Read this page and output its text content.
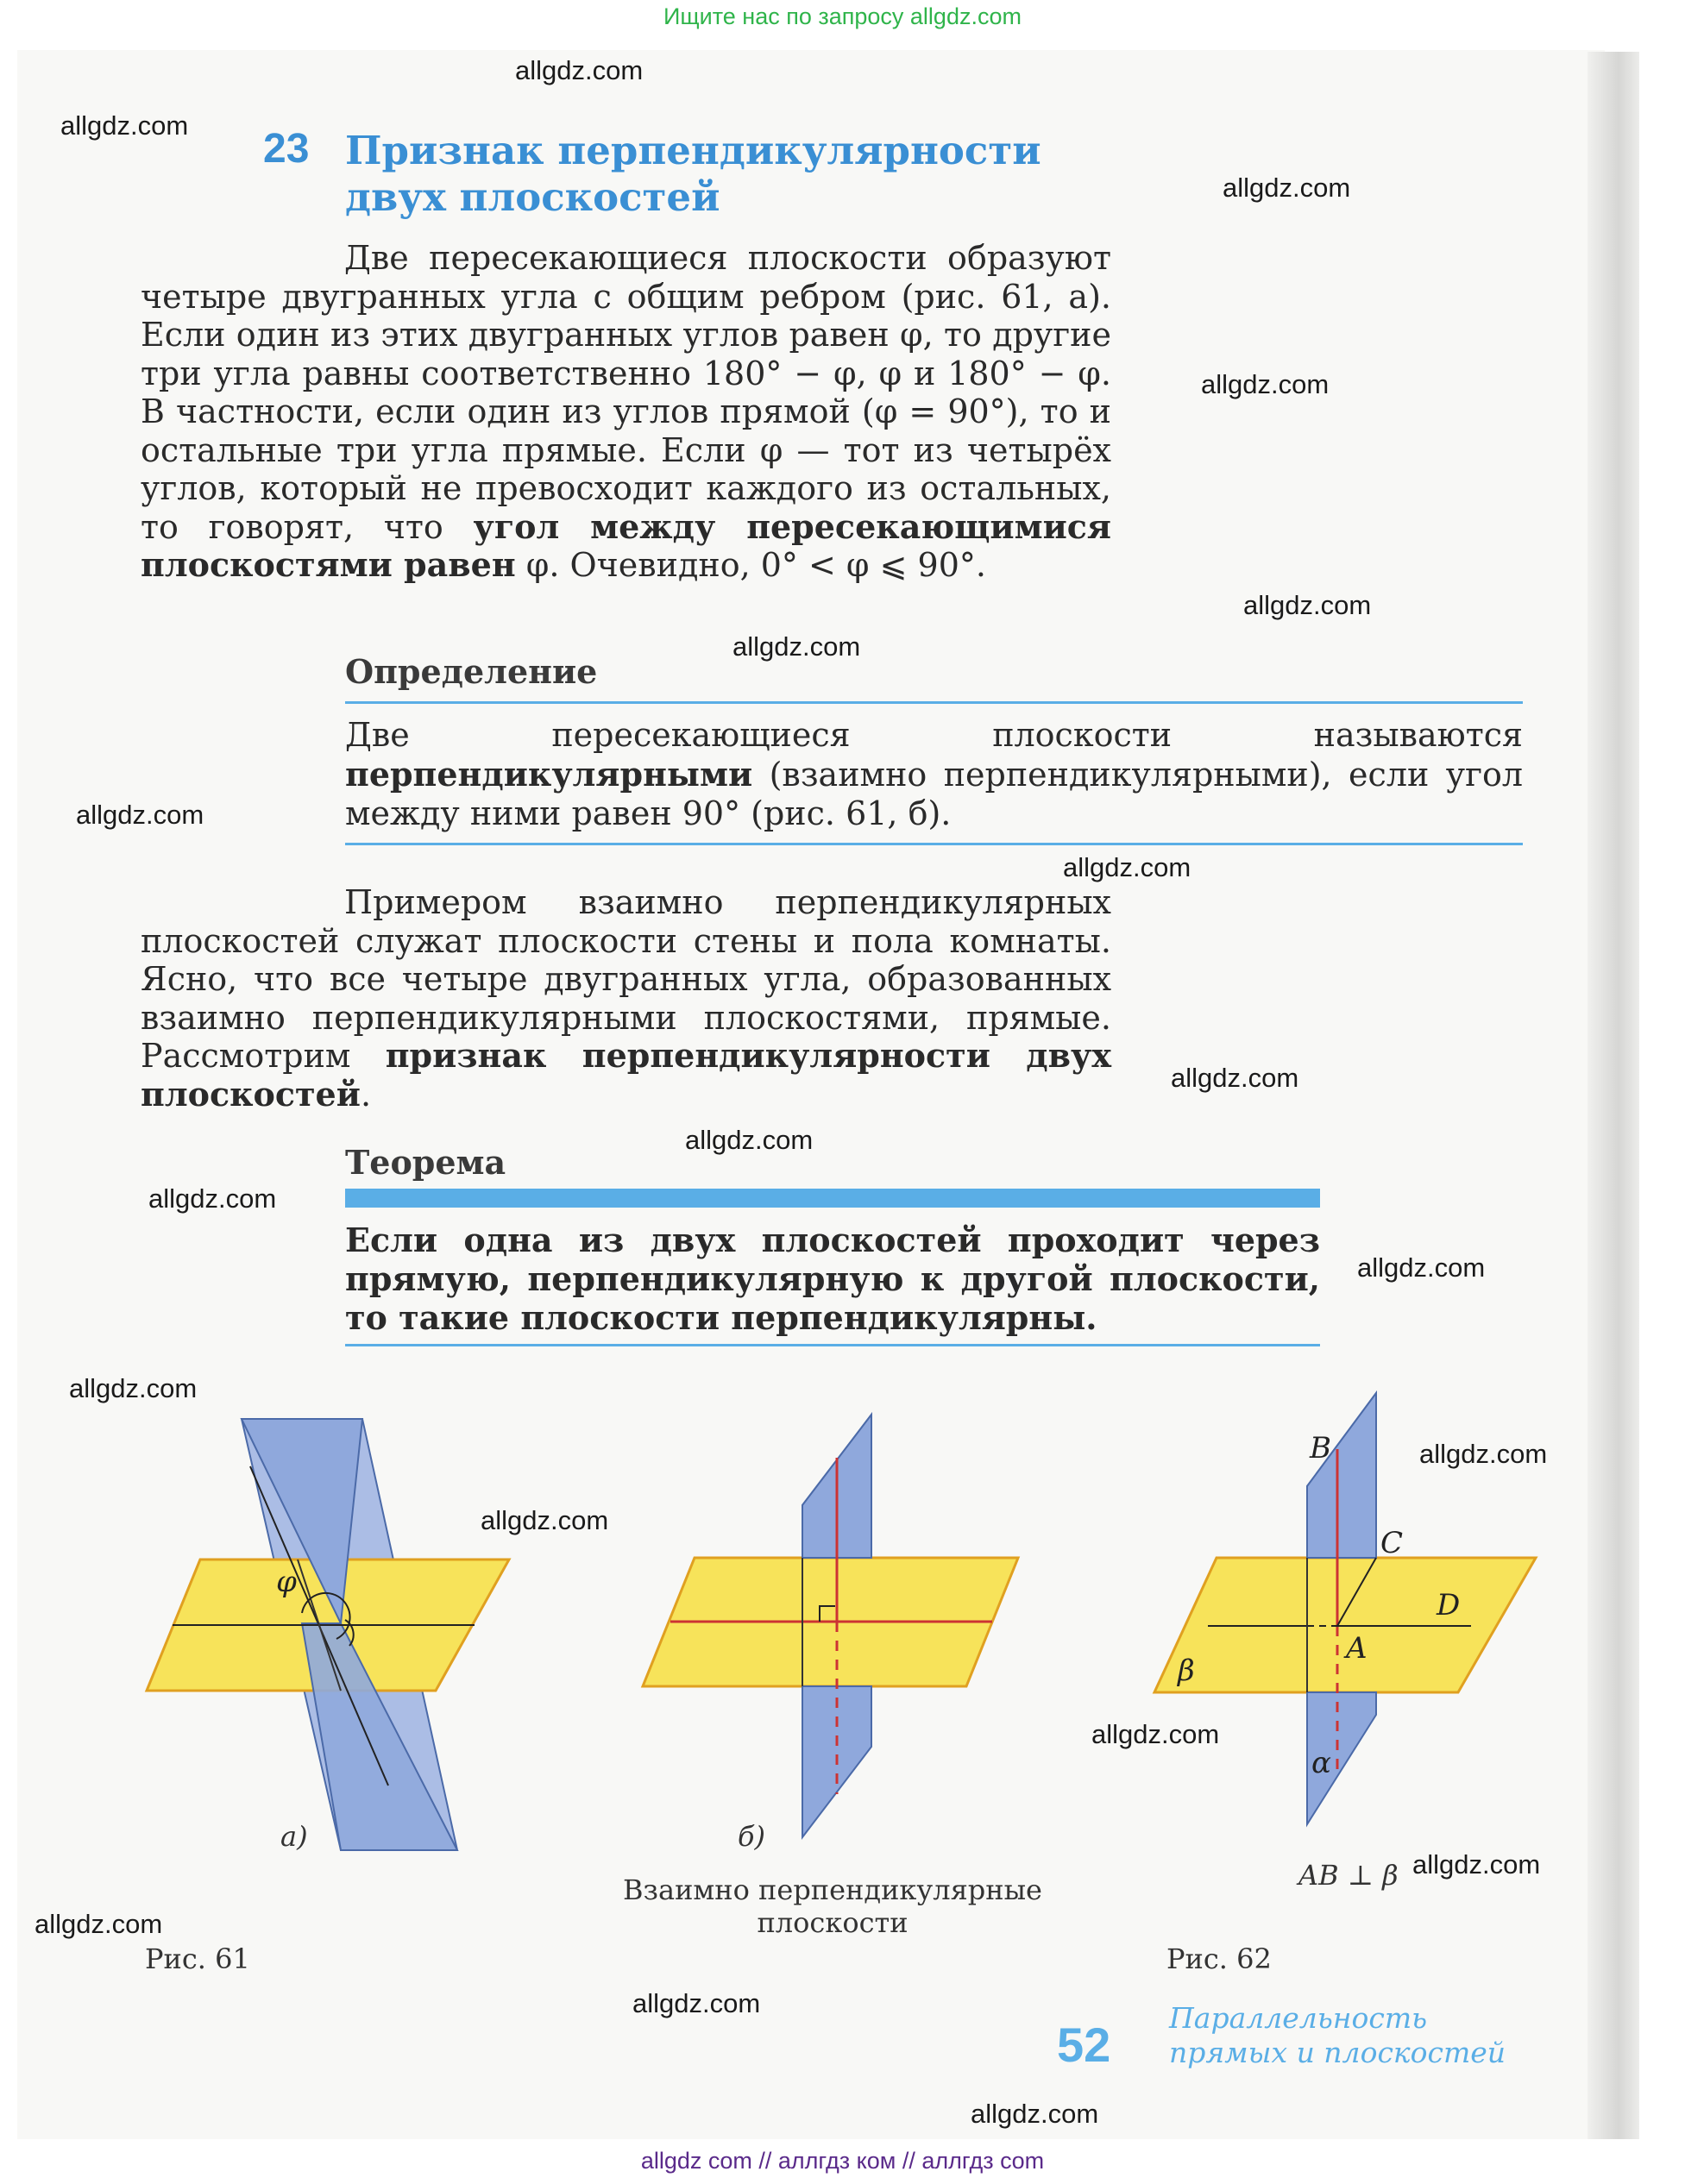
Ищите нас по запросу allgdz.com
23 Признак перпендикулярности
двух плоскостей

Две пересекающиеся плоскости образуют четыре двугранных угла с общим ребром (рис. 61, а). Если один из этих двугранных углов равен φ, то другие три угла равны соответственно 180° − φ, φ и 180° − φ. В частности, если один из углов прямой (φ = 90°), то и остальные три угла прямые. Если φ — тот из четырёх углов, который не превосходит каждого из остальных, то говорят, что угол между пересекающимися плоскостями равен φ. Очевидно, 0° < φ ⩽ 90°.

Определение
Две пересекающиеся плоскости называются перпендикулярными (взаимно перпендикулярными), если угол между ними равен 90° (рис. 61, б).

Примером взаимно перпендикулярных плоскостей служат плоскости стены и пола комнаты. Ясно, что все четыре двугранных угла, образованных взаимно перпендикулярными плоскостями, прямые. Рассмотрим признак перпендикулярности двух плоскостей.

Теорема
Если одна из двух плоскостей проходит через прямую, перпендикулярную к другой плоскости, то такие плоскости перпендикулярны.
φ
B
C
D
A
β
α
а)	б)
Взаимно перпендикулярные
плоскости
Рис. 61
AB ⊥ β
Рис. 62
52 Параллельность
прямых и плоскостей
allgdz.com
allgdz.com
allgdz.com
allgdz.com
allgdz.com
allgdz.com
allgdz.com
allgdz.com
allgdz.com
allgdz.com
allgdz.com
allgdz.com
allgdz.com
allgdz.com
allgdz.com
allgdz.com
allgdz.com
allgdz.com
allgdz.com
allgdz.com
allgdz com // аллгдз ком // аллгдз com
